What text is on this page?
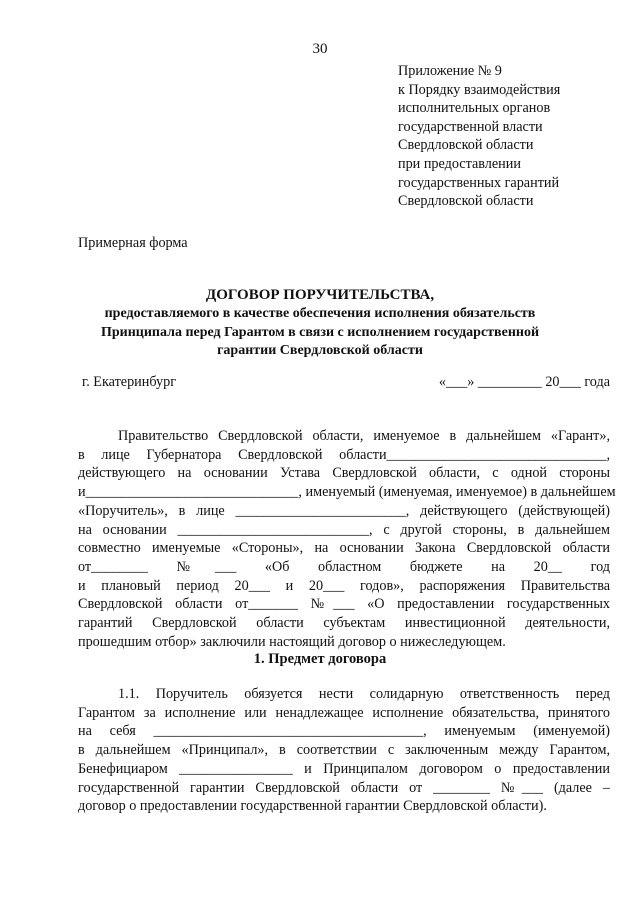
30
Приложение № 9
к Порядку взаимодействия
исполнительных органов
государственной власти
Свердловской области
при предоставлении
государственных гарантий
Свердловской области
Примерная форма
ДОГОВОР ПОРУЧИТЕЛЬСТВА,
предоставляемого в качестве обеспечения исполнения обязательств
Принципала перед Гарантом в связи с исполнением государственной
гарантии Свердловской области
г. Екатеринбург	«___» _________ 20___ года
Правительство Свердловской области, именуемое в дальнейшем «Гарант»,
в лице Губернатора Свердловской области_______________________________,
действующего на основании Устава Свердловской области, с одной стороны
и______________________________, именуемый (именуемая, именуемое) в дальнейшем
«Поручитель», в лице ________________________, действующего (действующей)
на основании ___________________________, с другой стороны, в дальнейшем
совместно именуемые «Стороны», на основании Закона Свердловской области
от________ №___ «Об областном бюджете на 20__ год
и плановый период 20___ и 20___ годов», распоряжения Правительства
Свердловской области от_______ №___ «О предоставлении государственных
гарантий Свердловской области субъектам инвестиционной деятельности,
прошедшим отбор» заключили настоящий договор о нижеследующем.
1. Предмет договора
1.1. Поручитель обязуется нести солидарную ответственность перед
Гарантом за исполнение или ненадлежащее исполнение обязательства, принятого
на себя ______________________________________, именуемым (именуемой)
в дальнейшем «Принципал», в соответствии с заключенным между Гарантом,
Бенефициаром ________________ и Принципалом договором о предоставлении
государственной гарантии Свердловской области от ________ №___ (далее –
договор о предоставлении государственной гарантии Свердловской области).
